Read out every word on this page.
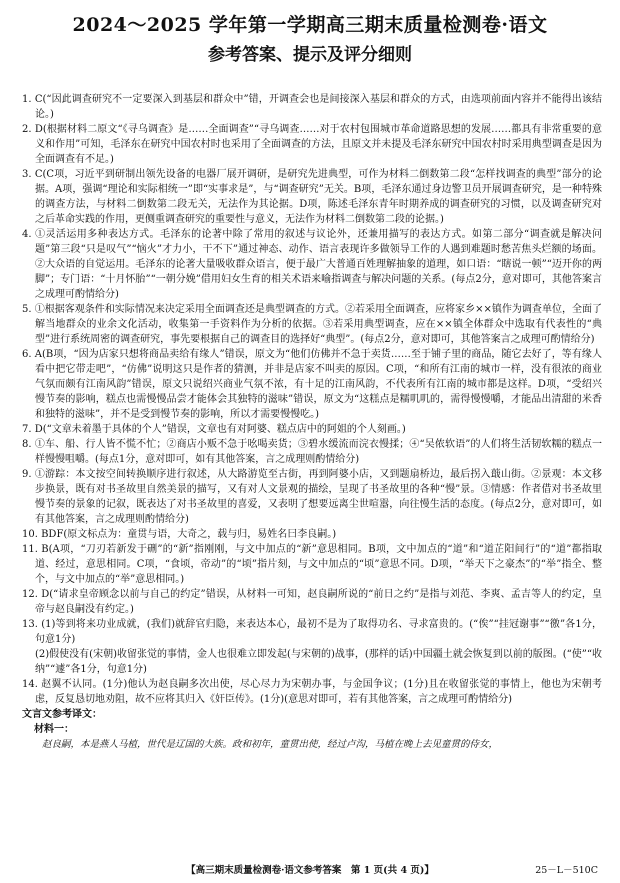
2024～2025 学年第一学期高三期末质量检测卷·语文
参考答案、提示及评分细则

1. C(“因此调查研究不一定要深入到基层和群众中”错，开调查会也是间接深入基层和群众的方式，由选项前面内容并不能得出该结论。)

2. D(根据材料二原文“《寻乌调查》是……全面调查”“寻乌调查……对于农村包围城市革命道路思想的发展……都具有非常重要的意义和作用”可知，毛泽东在研究中国农村时也采用了全面调查的方法，且原文并未提及毛泽东研究中国农村时采用典型调查是因为全面调查有不足。)

3. C(C项，习近平到研制出领先设备的电器厂展开调研，是研究先进典型，可作为材料二倒数第二段“怎样找调查的典型”部分的论据。A项，强调“理论和实际相统一”即“实事求是”，与“调查研究”无关。B项，毛泽东通过身边警卫员开展调查研究，是一种特殊的调查方法，与材料二倒数第二段无关，无法作为其论据。D项，陈述毛泽东青年时期养成的调查研究的习惯，以及调查研究对之后革命实践的作用，更侧重调查研究的重要性与意义，无法作为材料二倒数第二段的论据。)

4. ①灵活运用多种表达方式。毛泽东的论著中除了常用的叙述与议论外，还兼用描写的表达方式。如第二部分“调查就是解决问题”第三段“只是叹气”“恼火”才力小，干不下”通过神态、动作、语言表现许多做领导工作的人遇到难题时愁苦焦头烂额的场面。②大众语的自觉运用。毛泽东的论著大量吸收群众语言，便于最广大普通百姓理解抽象的道理，如口语：“瞎说一顿”“迈开你的两脚”；专门语：“十月怀胎”“一朝分娩”借用妇女生育的相关术语来喻指调查与解决问题的关系。(每点2分，意对即可，其他答案言之成理可酌情给分)

5. ①根据客观条件和实际情况来决定采用全面调查还是典型调查的方式。②若采用全面调查，应将家乡××镇作为调查单位，全面了解当地群众的业余文化活动，收集第一手资料作为分析的依据。③若采用典型调查，应在××镇全体群众中选取有代表性的“典型”进行系统周密的调查研究，事先要根据自己的调查目的选择好“典型”。(每点2分，意对即可，其他答案言之成理可酌情给分)

6. A(B项，“因为店家只想将商品卖给有缘人”错误，原文为“他们仿佛并不急于卖货……至于铺子里的商品，随它去好了，等有缘人看中把它带走吧”，“仿佛”说明这只是作者的猜测，并非是店家不叫卖的原因。C项，“和所有江南的城市一样，没有很浓的商业气氛而颇有江南风韵”错误，原文只说绍兴商业气氛不浓，有十足的江南风韵，不代表所有江南的城市都是这样。D项，“受绍兴慢节奏的影响，糕点也需慢慢品尝才能体会其独特的滋味”错误，原文为“这糕点是糯叽叽的，需得慢慢嚼，才能品出清甜的米香和独特的滋味”，并不是受到慢节奏的影响，所以才需要慢慢吃。)

7. D(“文章未着墨于具体的个人”错误，文章也有对阿婆、糕点店中的阿姐的个人刻画。)

8. ①车、船、行人皆不慌不忙；②商店小贩不急于吆喝卖货；③碧水缓流而浣衣慢揉；④“吴侬软语”的人们将生活韧软糯的糕点一样慢慢咀嚼。(每点1分，意对即可，如有其他答案，言之成理则酌情给分)

9. ①游踪：本文按空间转换顺序进行叙述，从大路游览至古街，再到阿婆小店，又到题扇桥边，最后拐入蕺山街。②景观：本文移步换景，既有对书圣故里自然美景的描写，又有对人文景观的描绘，呈现了书圣故里的各种“慢”景。③情感：作者借对书圣故里慢节奏的景象的记叙，既表达了对书圣故里的喜爱，又表明了想要远离尘世喧嚣，向往慢生活的态度。(每点2分，意对即可，如有其他答案，言之成理则酌情给分)

10. BDF(原文标点为：童贯与语，大奇之，载与归，易姓名曰李良嗣。)

11. B(A项，“刀刃若新发于硎”的“新”指刚刚，与文中加点的“新”意思相同。B项，文中加点的“道”和“道芷阳间行”的“道”都指取道、经过，意思相同。C项，“食顷，帝动”的“顷”指片刻，与文中加点的“顷”意思不同。D项，“举天下之豪杰”的“举”指全、整个，与文中加点的“举”意思相同。)

12. D(“请求皇帝顾念以前与自己的约定”错误，从材料一可知，赵良嗣所说的“前日之约”是指与刘范、李爽、孟吉等人的约定，皇帝与赵良嗣没有约定。)

13. (1)等到将来功业成就，(我们)就辞官归隐，来表达本心，最初不是为了取得功名、寻求富贵的。(“俟”“挂冠谢事”“徼”各1分，句意1分)

(2)假使没有(宋朝)收留张觉的事情，金人也很难立即发起(与宋朝的)战事，(那样的话)中国疆土就会恢复到以前的版图。(“使”“收纳”“遽”各1分，句意1分)

14. 赵翼不认同。(1分)他认为赵良嗣多次出使，尽心尽力为宋朝办事，与金国争议；(1分)且在收留张觉的事情上，他也为宋朝考虑，反复恳切地劝阻，故不应将其归入《奸臣传》。(1分)(意思对即可，若有其他答案，言之成理可酌情给分)

文言文参考译文：

材料一：

赵良嗣，本是燕人马植，世代是辽国的大族。政和初年，童贯出使，经过卢沟，马植在晚上去见童贯的侍女，

【高三期末质量检测卷·语文参考答案　第 1 页(共 4 页)】	25－L－510C
